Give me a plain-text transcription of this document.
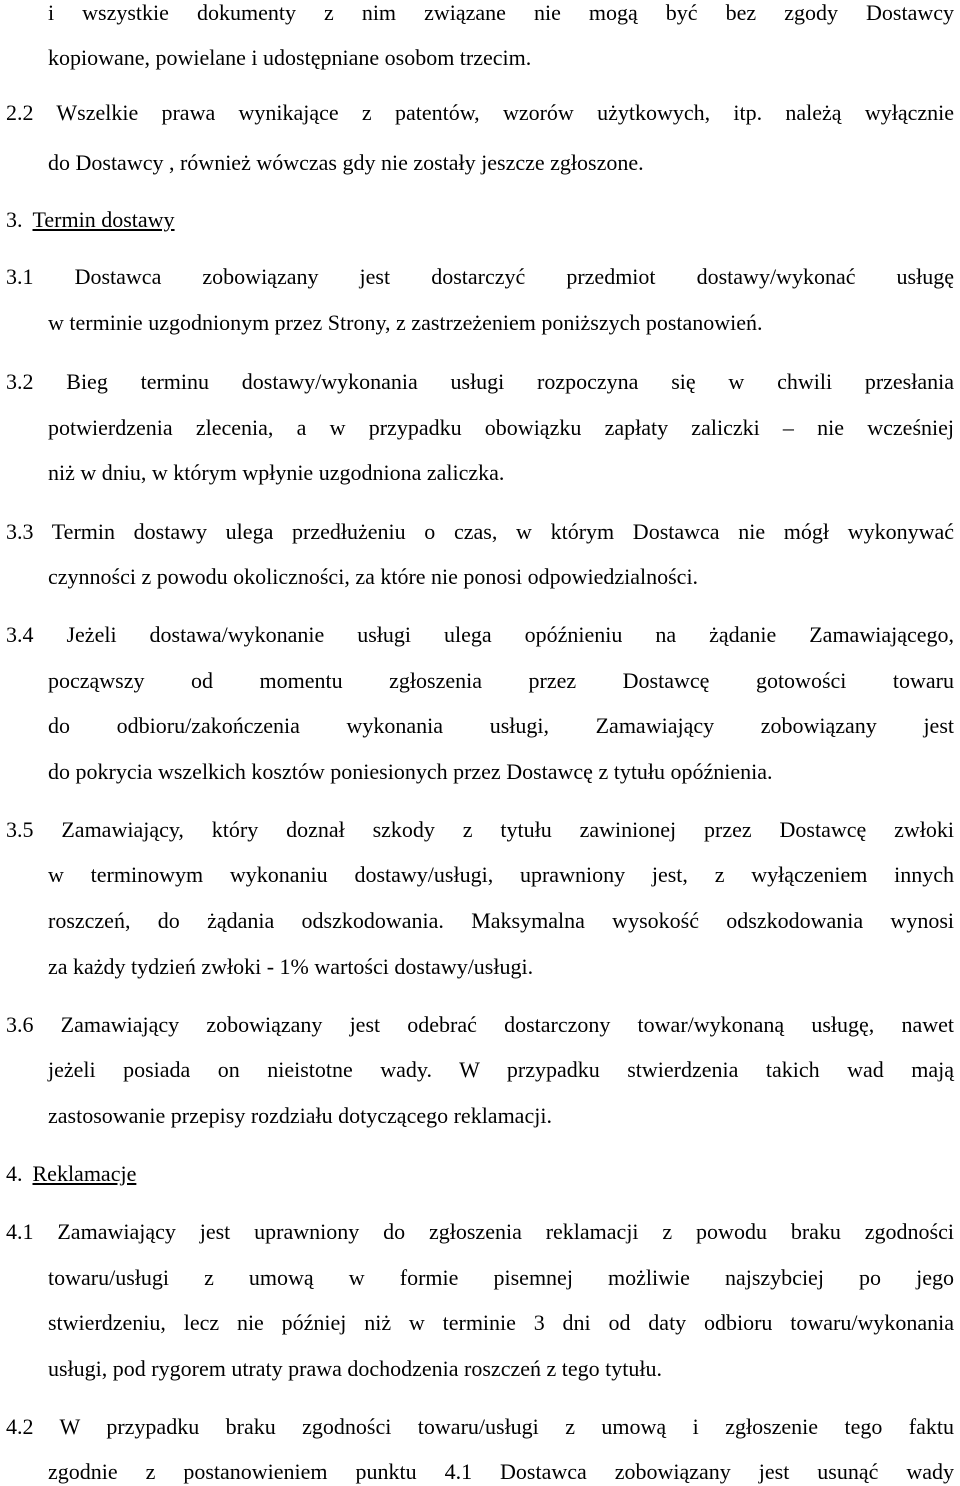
i wszystkie dokumenty z nim związane nie mogą być bez zgody Dostawcy
kopiowane, powielane i udostępniane osobom trzecim.
2.2 Wszelkie prawa wynikające z patentów, wzorów użytkowych, itp. należą wyłącznie
do Dostawcy , również wówczas gdy nie zostały jeszcze zgłoszone.
3. Termin dostawy
3.1 Dostawca zobowiązany jest dostarczyć przedmiot dostawy/wykonać usługę
w terminie uzgodnionym przez Strony, z zastrzeżeniem poniższych postanowień.
3.2 Bieg terminu dostawy/wykonania usługi rozpoczyna się w chwili przesłania
potwierdzenia zlecenia, a w przypadku obowiązku zapłaty zaliczki – nie wcześniej
niż w dniu, w którym wpłynie uzgodniona zaliczka.
3.3 Termin dostawy ulega przedłużeniu o czas, w którym Dostawca nie mógł wykonywać
czynności z powodu okoliczności, za które nie ponosi odpowiedzialności.
3.4 Jeżeli dostawa/wykonanie usługi ulega opóźnieniu na żądanie Zamawiającego,
począwszy od momentu zgłoszenia przez Dostawcę gotowości towaru
do odbioru/zakończenia wykonania usługi, Zamawiający zobowiązany jest
do pokrycia wszelkich kosztów poniesionych przez Dostawcę z tytułu opóźnienia.
3.5 Zamawiający, który doznał szkody z tytułu zawinionej przez Dostawcę zwłoki
w terminowym wykonaniu dostawy/usługi, uprawniony jest, z wyłączeniem innych
roszczeń, do żądania odszkodowania. Maksymalna wysokość odszkodowania wynosi
za każdy tydzień zwłoki - 1% wartości dostawy/usługi.
3.6 Zamawiający zobowiązany jest odebrać dostarczony towar/wykonaną usługę, nawet
jeżeli posiada on nieistotne wady. W przypadku stwierdzenia takich wad mają
zastosowanie przepisy rozdziału dotyczącego reklamacji.
4. Reklamacje
4.1 Zamawiający jest uprawniony do zgłoszenia reklamacji z powodu braku zgodności
towaru/usługi z umową w formie pisemnej możliwie najszybciej po jego
stwierdzeniu, lecz nie później niż w terminie 3 dni od daty odbioru towaru/wykonania
usługi, pod rygorem utraty prawa dochodzenia roszczeń z tego tytułu.
4.2 W przypadku braku zgodności towaru/usługi z umową i zgłoszenie tego faktu
zgodnie z postanowieniem punktu 4.1 Dostawca zobowiązany jest usunąć wady
